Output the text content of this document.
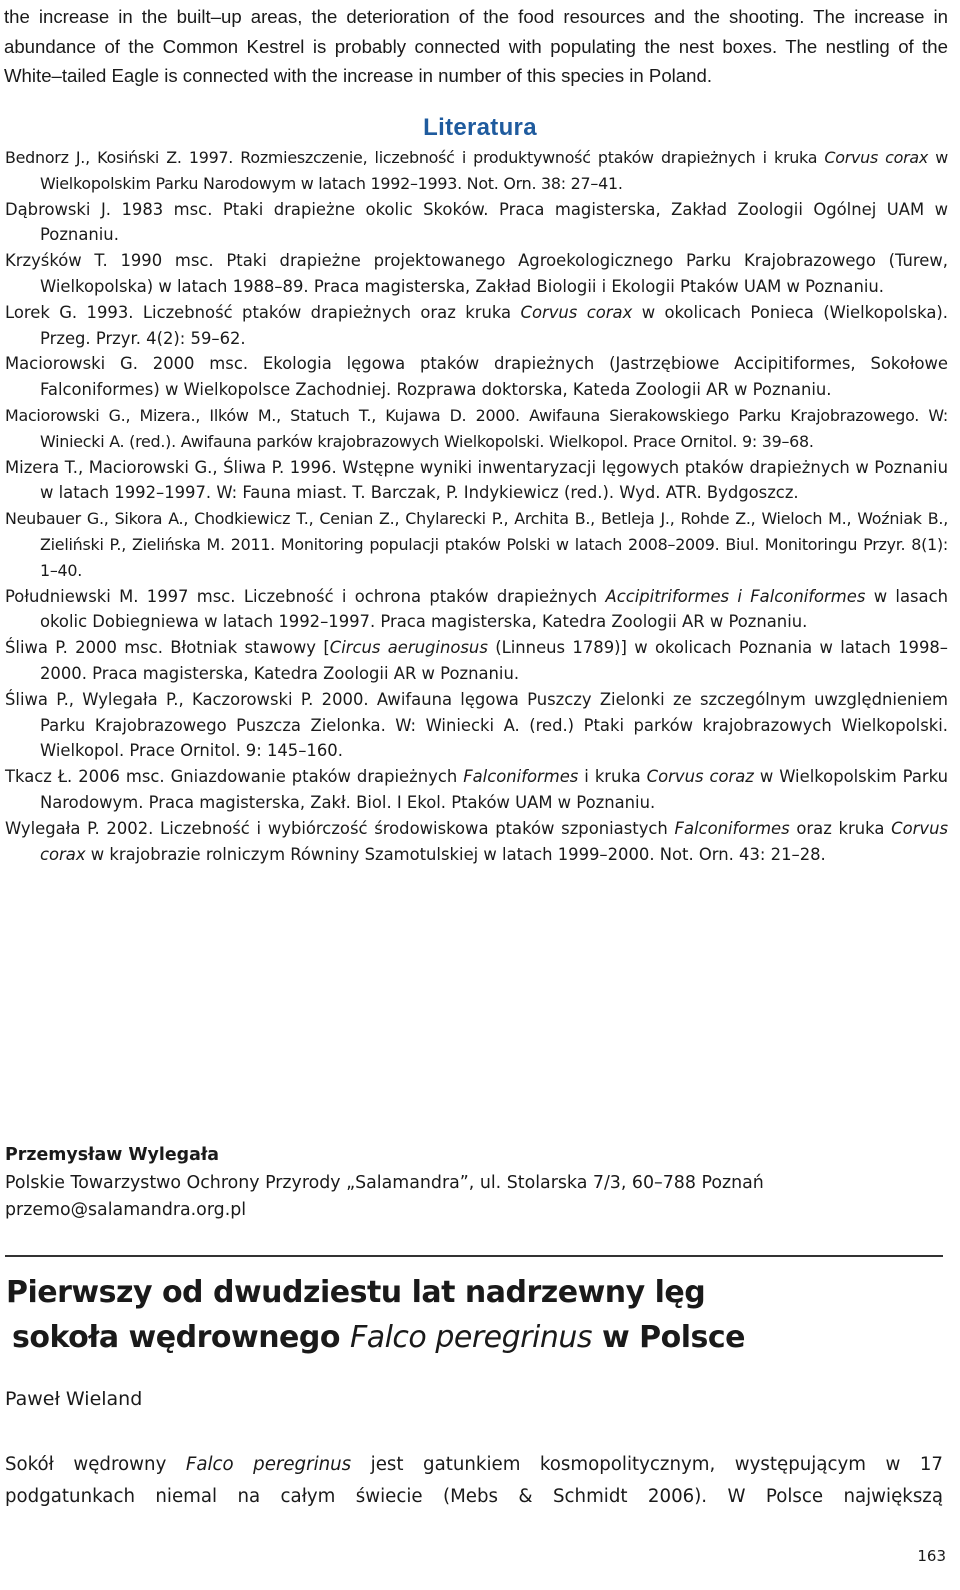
the increase in the built–up areas, the deterioration of the food resources and the shooting. The increase in abundance of the Common Kestrel is probably connected with populating the nest boxes. The nestling of the White–tailed Eagle is connected with the increase in number of this species in Poland.

Literatura
Bednorz J., Kosiński Z. 1997. Rozmieszczenie, liczebność i produktywność ptaków drapieżnych i kruka Corvus corax w Wielkopolskim Parku Narodowym w latach 1992–1993. Not. Orn. 38: 27–41.
Dąbrowski J. 1983 msc. Ptaki drapieżne okolic Skoków. Praca magisterska, Zakład Zoologii Ogólnej UAM w Poznaniu.
Krzyśków T. 1990 msc. Ptaki drapieżne projektowanego Agroekologicznego Parku Krajobrazowego (Turew, Wielkopolska) w latach 1988–89. Praca magisterska, Zakład Biologii i Ekologii Ptaków UAM w Poznaniu.
Lorek G. 1993. Liczebność ptaków drapieżnych oraz kruka Corvus corax w okolicach Ponieca (Wielkopolska). Przeg. Przyr. 4(2): 59–62.
Maciorowski G. 2000 msc. Ekologia lęgowa ptaków drapieżnych (Jastrzębiowe Accipitiformes, Sokołowe Falconiformes) w Wielkopolsce Zachodniej. Rozprawa doktorska, Kateda Zoologii AR w Poznaniu.
Maciorowski G., Mizera., Ilków M., Statuch T., Kujawa D. 2000. Awifauna Sierakowskiego Parku Krajobrazowego. W: Winiecki A. (red.). Awifauna parków krajobrazowych Wielkopolski. Wielkopol. Prace Ornitol. 9: 39–68.
Mizera T., Maciorowski G., Śliwa P. 1996. Wstępne wyniki inwentaryzacji lęgowych ptaków drapieżnych w Poznaniu w latach 1992–1997. W: Fauna miast. T. Barczak, P. Indykiewicz (red.). Wyd. ATR. Bydgoszcz.
Neubauer G., Sikora A., Chodkiewicz T., Cenian Z., Chylarecki P., Archita B., Betleja J., Rohde Z., Wieloch M., Woźniak B., Zieliński P., Zielińska M. 2011. Monitoring populacji ptaków Polski w latach 2008–2009. Biul. Monitoringu Przyr. 8(1): 1–40.
Południewski M. 1997 msc. Liczebność i ochrona ptaków drapieżnych Accipitriformes i Falconiformes w lasach okolic Dobiegniewa w latach 1992–1997. Praca magisterska, Katedra Zoologii AR w Poznaniu.
Śliwa P. 2000 msc. Błotniak stawowy [Circus aeruginosus (Linneus 1789)] w okolicach Poznania w latach 1998–2000. Praca magisterska, Katedra Zoologii AR w Poznaniu.
Śliwa P., Wylegała P., Kaczorowski P. 2000. Awifauna lęgowa Puszczy Zielonki ze szczególnym uwzględnieniem Parku Krajobrazowego Puszcza Zielonka. W: Winiecki A. (red.) Ptaki parków krajobrazowych Wielkopolski. Wielkopol. Prace Ornitol. 9: 145–160.
Tkacz Ł. 2006 msc. Gniazdowanie ptaków drapieżnych Falconiformes i kruka Corvus coraz w Wielkopolskim Parku Narodowym. Praca magisterska, Zakł. Biol. I Ekol. Ptaków UAM w Poznaniu.
Wylegała P. 2002. Liczebność i wybiórczość środowiskowa ptaków szponiastych Falconiformes oraz kruka Corvus corax w krajobrazie rolniczym Równiny Szamotulskiej w latach 1999–2000. Not. Orn. 43: 21–28.
Przemysław Wylegała
Polskie Towarzystwo Ochrony Przyrody „Salamandra”, ul. Stolarska 7/3, 60–788 Poznań
przemo@salamandra.org.pl
Pierwszy od dwudziestu lat nadrzewny lęg
sokoła wędrownego Falco peregrinus w Polsce

Paweł Wieland

Sokół wędrowny Falco peregrinus jest gatunkiem kosmopolitycznym, występującym w 17 podgatunkach niemal na całym świecie (Mebs & Schmidt 2006). W Polsce największą

163
